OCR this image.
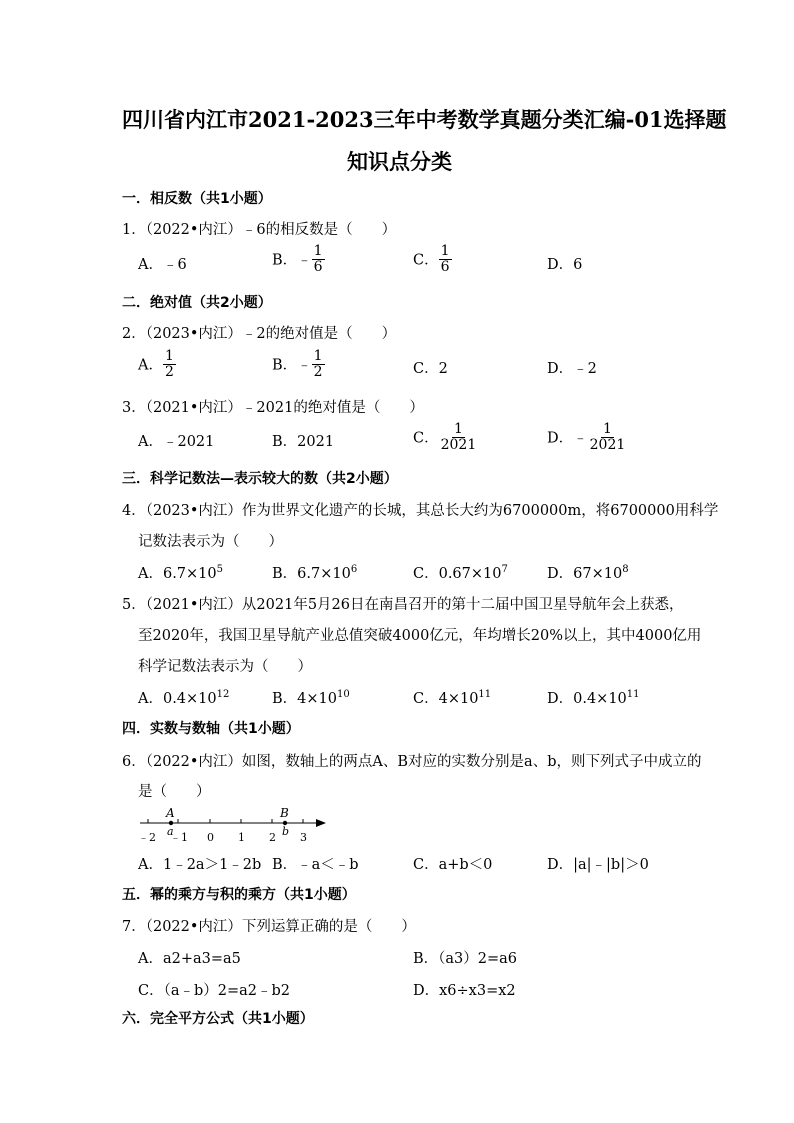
四川省内江市2021-2023三年中考数学真题分类汇编-01选择题
知识点分类
一．相反数（共1小题）
1．（2022•内江）﹣6的相反数是（　　）
A．﹣6	B．﹣ $\frac{1}{6}$	C． $\frac{1}{6}$	D．6
二．绝对值（共2小题）
2．（2023•内江）﹣2的绝对值是（　　）
A． $\frac{1}{2}$	B．﹣ $\frac{1}{2}$	C．2	D．﹣2
3．（2021•内江）﹣2021的绝对值是（　　）
A．﹣2021	B．2021	C． $\frac{1}{2021}$	D．﹣ $\frac{1}{2021}$
三．科学记数法—表示较大的数（共2小题）
4．（2023•内江）作为世界文化遗产的长城，其总长大约为6700000m，将6700000用科学
记数法表示为（　　）
A．$6.7\times 10^5$	B．$6.7\times 10^6$	C．$0.67\times 10^7$	D．$67\times 10^8$
5．（2021•内江）从2021年5月26日在南昌召开的第十二届中国卫星导航年会上获悉，
至2020年，我国卫星导航产业总值突破4000亿元，年均增长20%以上，其中4000亿用
科学记数法表示为（　　）
A．$0.4\times 10^{12}$	B．$4\times 10^{10}$	C．$4\times 10^{11}$	D．$0.4\times 10^{11}$
四．实数与数轴（共1小题）
6．（2022•内江）如图，数轴上的两点A、B对应的实数分别是a、b，则下列式子中成立的
是（　　）
A	B
a	b
﹣2 ﹣1 0 1 2 3
A．1﹣2a＞1﹣2b B．﹣a＜﹣b	C．a+b＜0	D．|a|﹣|b|＞0
五．幂的乘方与积的乘方（共1小题）
7．（2022•内江）下列运算正确的是（　　）
A．a2+a3=a5	B．（a3）2=a6
C．（a﹣b）2=a2﹣b2	D．x6÷x3=x2
六．完全平方公式（共1小题）
